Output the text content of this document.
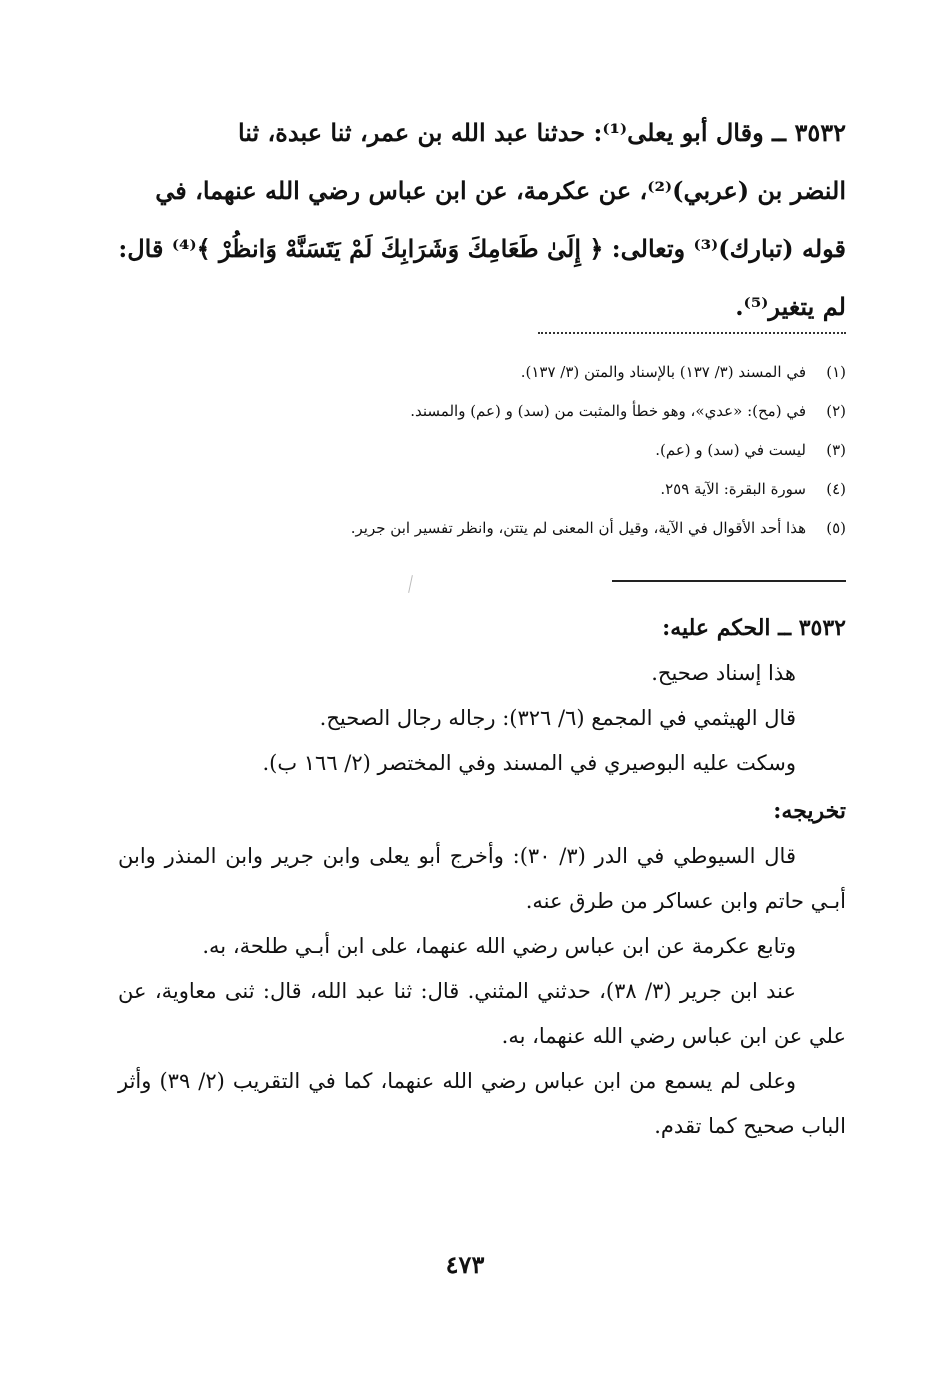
٣٥٣٢ ــ وقال أبو يعلى⁽¹⁾: حدثنا عبد الله بن عمر، ثنا عبدة، ثنا

النضر بن (عربي)⁽²⁾، عن عكرمة، عن ابن عباس رضي الله عنهما، في

قوله (تبارك)⁽³⁾ وتعالى: ﴿ إِلَىٰ طَعَامِكَ وَشَرَابِكَ لَمْ يَتَسَنَّهْ وَانظُرْ ﴾⁽⁴⁾ قال:

لم يتغير⁽⁵⁾.

(١)في المسند (٣/ ١٣٧) بالإسناد والمتن (٣/ ١٣٧).
(٢)في (مح): «عدي»، وهو خطأ والمثبت من (سد) و (عم) والمسند.
(٣)ليست في (سد) و (عم).
(٤)سورة البقرة: الآية ٢٥٩.
(٥)هذا أحد الأقوال في الآية، وقيل أن المعنى لم يتتن، وانظر تفسير ابن جرير.
٣٥٣٢ ــ الحكم عليه:
هذا إسناد صحيح.
قال الهيثمي في المجمع (٦/ ٣٢٦): رجاله رجال الصحيح.
وسكت عليه البوصيري في المسند وفي المختصر (٢/ ١٦٦ ب).
تخريجه:

قال السيوطي في الدر (٣/ ٣٠): وأخرج أبو يعلى وابن جرير وابن المنذر وابن أبـي حاتم وابن عساكر من طرق عنه.

وتابع عكرمة عن ابن عباس رضي الله عنهما، على ابن أبـي طلحة، به.

عند ابن جرير (٣/ ٣٨)، حدثني المثني. قال: ثنا عبد الله، قال: ثنى معاوية، عن علي عن ابن عباس رضي الله عنهما، به.

وعلى لم يسمع من ابن عباس رضي الله عنهما، كما في التقريب (٢/ ٣٩) وأثر الباب صحيح كما تقدم.

٤٧٣
